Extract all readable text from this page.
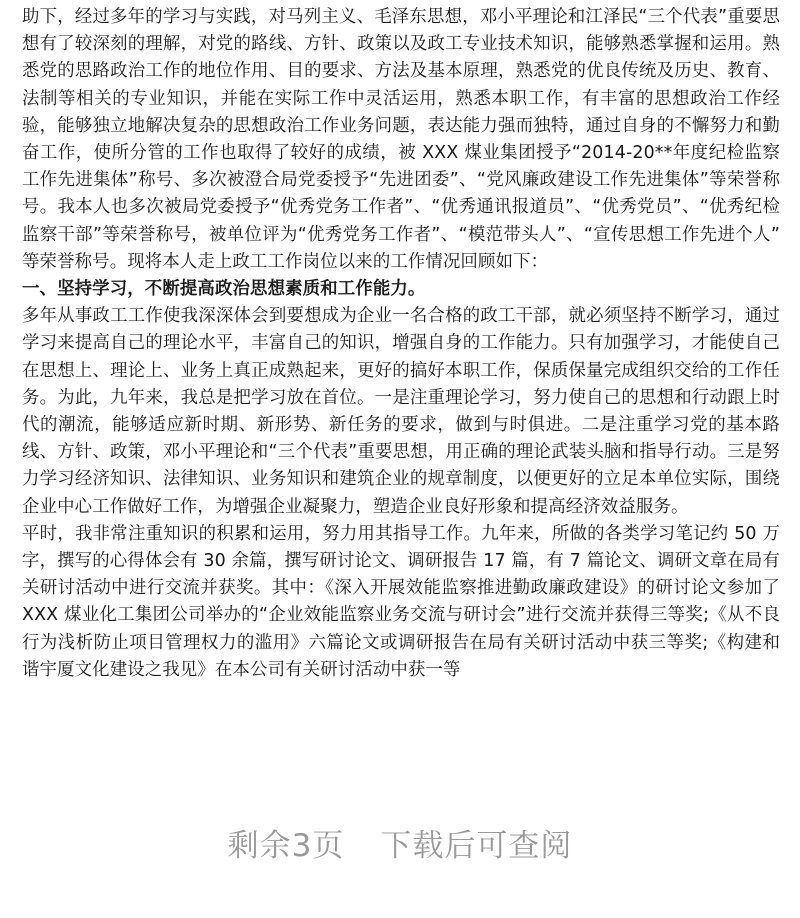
助下，经过多年的学习与实践，对马列主义、毛泽东思想，邓小平理论和江泽民“三个代表”重要思想有了较深刻的理解，对党的路线、方针、政策以及政工专业技术知识，能够熟悉掌握和运用。熟悉党的思路政治工作的地位作用、目的要求、方法及基本原理，熟悉党的优良传统及历史、教育、法制等相关的专业知识，并能在实际工作中灵活运用，熟悉本职工作，有丰富的思想政治工作经验，能够独立地解决复杂的思想政治工作业务问题，表达能力强而独特，通过自身的不懈努力和勤奋工作，使所分管的工作也取得了较好的成绩，被 XXX 煤业集团授予“2014-20**年度纪检监察工作先进集体”称号、多次被澄合局党委授予“先进团委”、“党风廉政建设工作先进集体”等荣誉称号。我本人也多次被局党委授予“优秀党务工作者”、“优秀通讯报道员”、“优秀党员”、“优秀纪检监察干部”等荣誉称号，被单位评为“优秀党务工作者”、“模范带头人”、“宣传思想工作先进个人” 等荣誉称号。现将本人走上政工工作岗位以来的工作情况回顾如下：

一、坚持学习，不断提高政治思想素质和工作能力。

多年从事政工工作使我深深体会到要想成为企业一名合格的政工干部，就必须坚持不断学习，通过学习来提高自己的理论水平，丰富自己的知识，增强自身的工作能力。只有加强学习，才能使自己在思想上、理论上、业务上真正成熟起来，更好的搞好本职工作，保质保量完成组织交给的工作任务。为此，九年来，我总是把学习放在首位。一是注重理论学习，努力使自己的思想和行动跟上时代的潮流，能够适应新时期、新形势、新任务的要求，做到与时俱进。二是注重学习党的基本路线、方针、政策，邓小平理论和“三个代表”重要思想，用正确的理论武装头脑和指导行动。三是努力学习经济知识、法律知识、业务知识和建筑企业的规章制度，以便更好的立足本单位实际，围绕企业中心工作做好工作，为增强企业凝聚力，塑造企业良好形象和提高经济效益服务。

平时，我非常注重知识的积累和运用，努力用其指导工作。九年来，所做的各类学习笔记约 50 万字，撰写的心得体会有 30 余篇，撰写研讨论文、调研报告 17 篇，有 7 篇论文、调研文章在局有关研讨活动中进行交流并获奖。其中：《深入开展效能监察推进勤政廉政建设》的研讨论文参加了 XXX 煤业化工集团公司举办的“企业效能监察业务交流与研讨会”进行交流并获得三等奖;《从不良行为浅析防止项目管理权力的滥用》六篇论文或调研报告在局有关研讨活动中获三等奖;《构建和谐宇厦文化建设之我见》在本公司有关研讨活动中获一等

剩余3页 下载后可查阅
